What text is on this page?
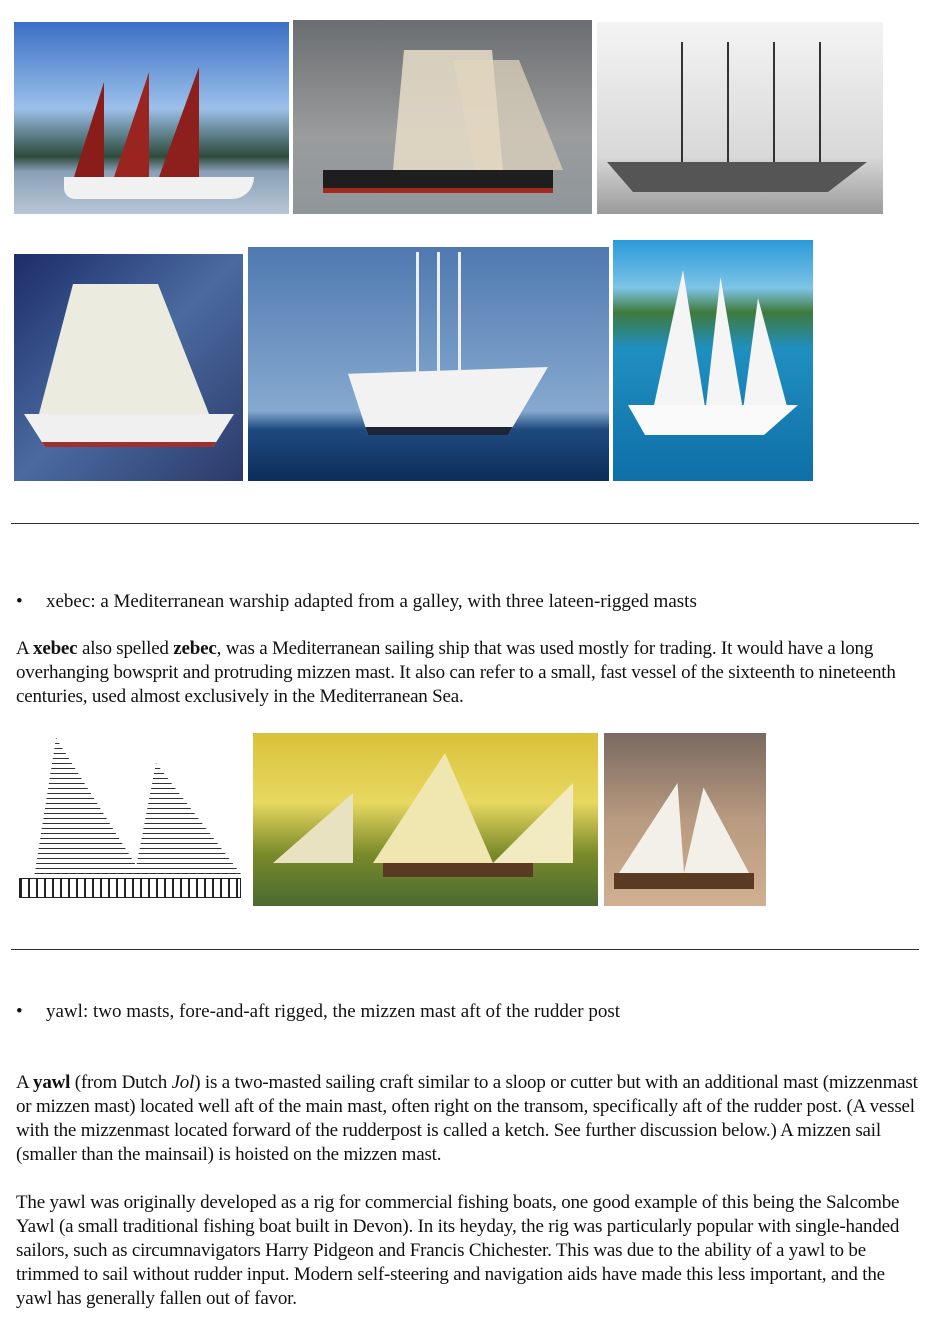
• xebec: a Mediterranean warship adapted from a galley, with three lateen-rigged masts
A xebec also spelled zebec, was a Mediterranean sailing ship that was used mostly for trading. It would have a long overhanging bowsprit and protruding mizzen mast. It also can refer to a small, fast vessel of the sixteenth to nineteenth centuries, used almost exclusively in the Mediterranean Sea.
• yawl: two masts, fore-and-aft rigged, the mizzen mast aft of the rudder post
A yawl (from Dutch Jol) is a two-masted sailing craft similar to a sloop or cutter but with an additional mast (mizzenmast or mizzen mast) located well aft of the main mast, often right on the transom, specifically aft of the rudder post. (A vessel with the mizzenmast located forward of the rudderpost is called a ketch. See further discussion below.) A mizzen sail (smaller than the mainsail) is hoisted on the mizzen mast.
The yawl was originally developed as a rig for commercial fishing boats, one good example of this being the Salcombe Yawl (a small traditional fishing boat built in Devon). In its heyday, the rig was particularly popular with single-handed sailors, such as circumnavigators Harry Pidgeon and Francis Chichester. This was due to the ability of a yawl to be trimmed to sail without rudder input. Modern self-steering and navigation aids have made this less important, and the yawl has generally fallen out of favor.
